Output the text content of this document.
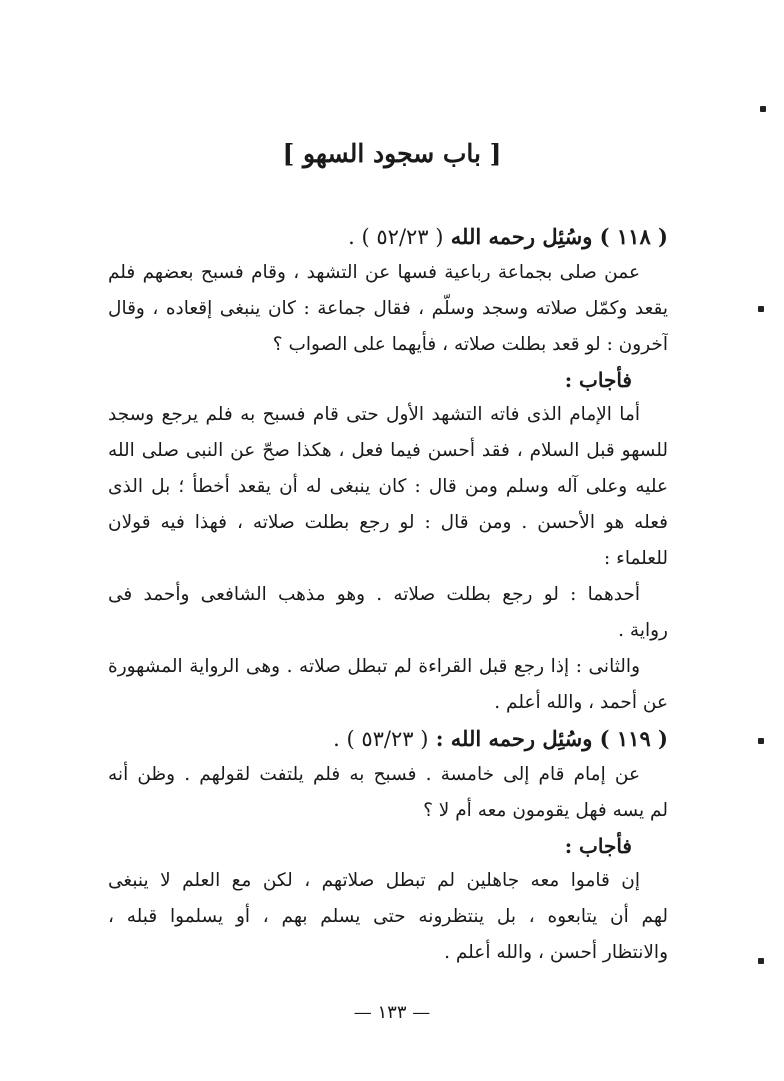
[ باب سجود السهو ]
( ١١٨ ) وسُئِل رحمه الله ( ٥٢/٢٣ ) .
عمن صلى بجماعة رباعية فسها عن التشهد ، وقام فسبح بعضهم فلم
يقعد وكمّل صلاته وسجد وسلّم ، فقال جماعة : كان ينبغى إقعاده ، وقال
آخرون : لو قعد بطلت صلاته ، فأيهما على الصواب ؟
فأجاب :
أما الإمام الذى فاته التشهد الأول حتى قام فسبح به فلم يرجع وسجد
للسهو قبل السلام ، فقد أحسن فيما فعل ، هكذا صحّ عن النبى صلى الله
عليه وعلى آله وسلم ومن قال : كان ينبغى له أن يقعد أخطأ ؛ بل الذى
فعله هو الأحسن . ومن قال : لو رجع بطلت صلاته ، فهذا فيه قولان
للعلماء :
أحدهما : لو رجع بطلت صلاته . وهو مذهب الشافعى وأحمد فى
رواية .
والثانى : إذا رجع قبل القراءة لم تبطل صلاته . وهى الرواية المشهورة
عن أحمد ، والله أعلم .
( ١١٩ ) وسُئِل رحمه الله : ( ٥٣/٢٣ ) .
عن إمام قام إلى خامسة . فسبح به فلم يلتفت لقولهم . وظن أنه
لم يسه فهل يقومون معه أم لا ؟
فأجاب :
إن قاموا معه جاهلين لم تبطل صلاتهم ، لكن مع العلم لا ينبغى
لهم أن يتابعوه ، بل ينتظرونه حتى يسلم بهم ، أو يسلموا قبله ،
والانتظار أحسن ، والله أعلم .
— ١٣٣ —
